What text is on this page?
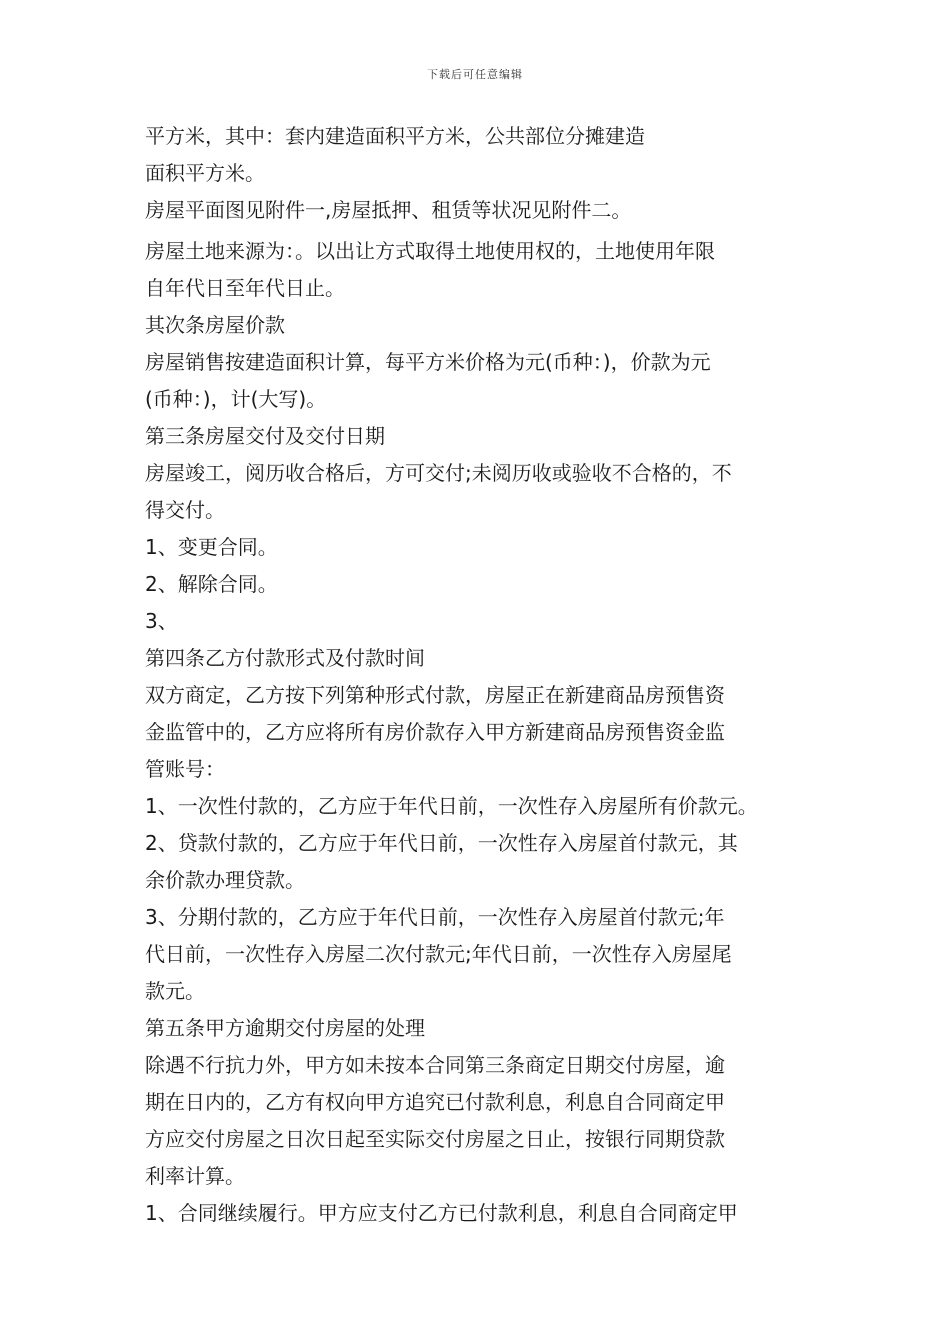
下载后可任意编辑
平方米，其中：套内建造面积平方米，公共部位分摊建造
面积平方米。
房屋平面图见附件一,房屋抵押、租赁等状况见附件二。
房屋土地来源为：。以出让方式取得土地使用权的，土地使用年限
自年代日至年代日止。
其次条房屋价款
房屋销售按建造面积计算，每平方米价格为元(币种：)，价款为元
(币种：)，计(大写)。
第三条房屋交付及交付日期
房屋竣工，阅历收合格后，方可交付;未阅历收或验收不合格的，不
得交付。
1、变更合同。
2、解除合同。
3、
第四条乙方付款形式及付款时间
双方商定，乙方按下列第种形式付款，房屋正在新建商品房预售资
金监管中的，乙方应将所有房价款存入甲方新建商品房预售资金监
管账号：
1、一次性付款的，乙方应于年代日前，一次性存入房屋所有价款元。
2、贷款付款的，乙方应于年代日前，一次性存入房屋首付款元，其
余价款办理贷款。
3、分期付款的，乙方应于年代日前，一次性存入房屋首付款元;年
代日前，一次性存入房屋二次付款元;年代日前，一次性存入房屋尾
款元。
第五条甲方逾期交付房屋的处理
除遇不行抗力外，甲方如未按本合同第三条商定日期交付房屋，逾
期在日内的，乙方有权向甲方追究已付款利息，利息自合同商定甲
方应交付房屋之日次日起至实际交付房屋之日止，按银行同期贷款
利率计算。
1、合同继续履行。甲方应支付乙方已付款利息，利息自合同商定甲
